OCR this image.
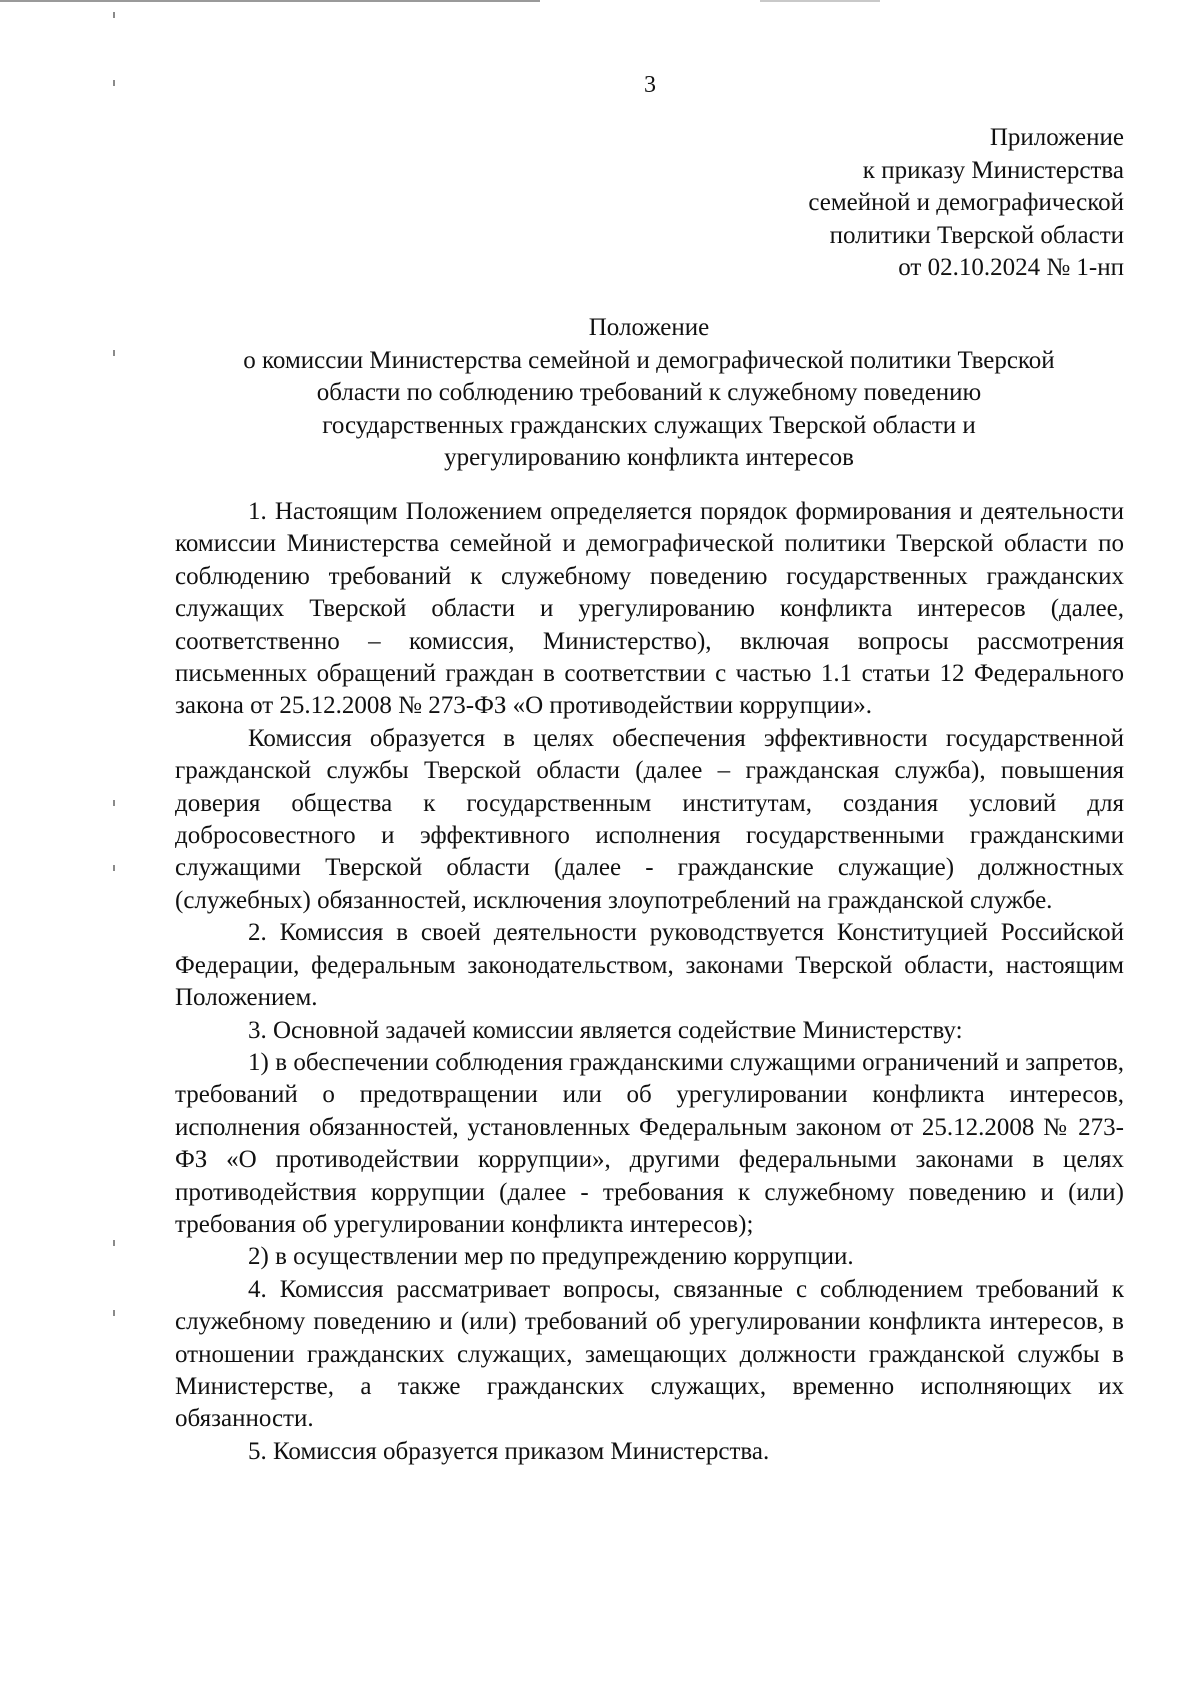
3
Приложение
к приказу Министерства
семейной и демографической
политики Тверской области
от 02.10.2024 № 1-нп
Положение
о комиссии Министерства семейной и демографической политики Тверской
области по соблюдению требований к служебному поведению
государственных гражданских служащих Тверской области и
урегулированию конфликта интересов

1. Настоящим Положением определяется порядок формирования и деятельности комиссии Министерства семейной и демографической политики Тверской области по соблюдению требований к служебному поведению государственных гражданских служащих Тверской области и урегулированию конфликта интересов (далее, соответственно – комиссия, Министерство), включая вопросы рассмотрения письменных обращений граждан в соответствии с частью 1.1 статьи 12 Федерального закона от 25.12.2008 № 273-ФЗ «О противодействии коррупции».

Комиссия образуется в целях обеспечения эффективности государственной гражданской службы Тверской области (далее – гражданская служба), повышения доверия общества к государственным институтам, создания условий для добросовестного и эффективного исполнения государственными гражданскими служащими Тверской области (далее - гражданские служащие) должностных (служебных) обязанностей, исключения злоупотреблений на гражданской службе.

2. Комиссия в своей деятельности руководствуется Конституцией Российской Федерации, федеральным законодательством, законами Тверской области, настоящим Положением.

3. Основной задачей комиссии является содействие Министерству:

1) в обеспечении соблюдения гражданскими служащими ограничений и запретов, требований о предотвращении или об урегулировании конфликта интересов, исполнения обязанностей, установленных Федеральным законом от 25.12.2008 № 273-ФЗ «О противодействии коррупции», другими федеральными законами в целях противодействия коррупции (далее - требования к служебному поведению и (или) требования об урегулировании конфликта интересов);

2) в осуществлении мер по предупреждению коррупции.

4. Комиссия рассматривает вопросы, связанные с соблюдением требований к служебному поведению и (или) требований об урегулировании конфликта интересов, в отношении гражданских служащих, замещающих должности гражданской службы в Министерстве, а также гражданских служащих, временно исполняющих их обязанности.

5. Комиссия образуется приказом Министерства.
